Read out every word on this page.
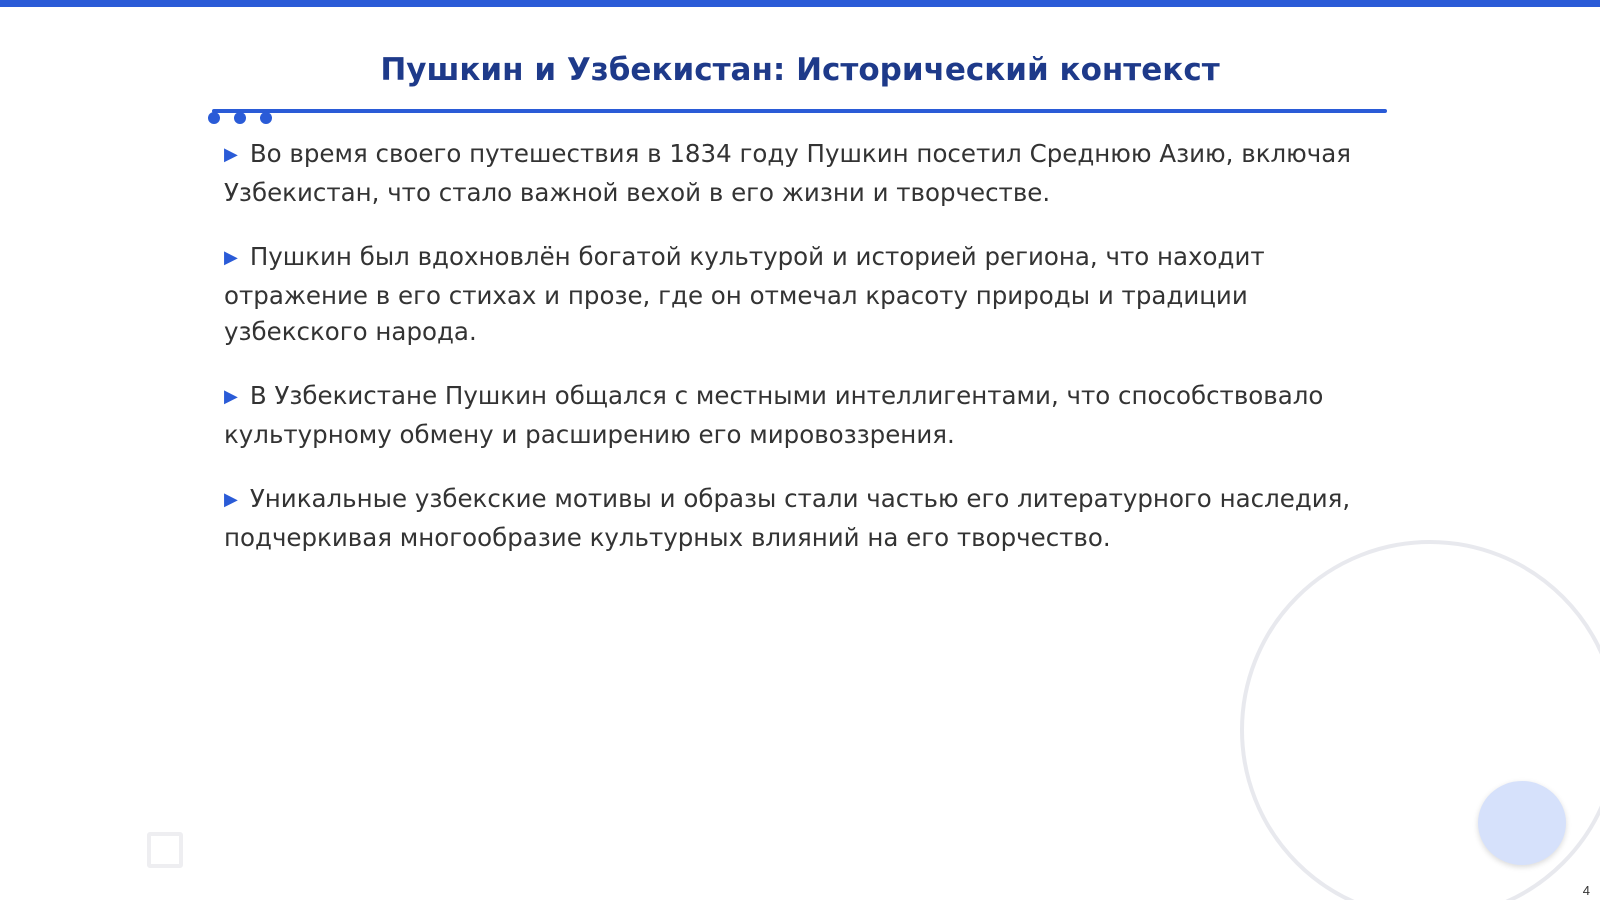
Пушкин и Узбекистан: Исторический контекст
▶ Во время своего путешествия в 1834 году Пушкин посетил Среднюю Азию, включая Узбекистан, что стало важной вехой в его жизни и творчестве.
▶ Пушкин был вдохновлён богатой культурой и историей региона, что находит отражение в его стихах и прозе, где он отмечал красоту природы и традиции узбекского народа.
▶ В Узбекистане Пушкин общался с местными интеллигентами, что способствовало культурному обмену и расширению его мировоззрения.
▶ Уникальные узбекские мотивы и образы стали частью его литературного наследия, подчеркивая многообразие культурных влияний на его творчество.
4
